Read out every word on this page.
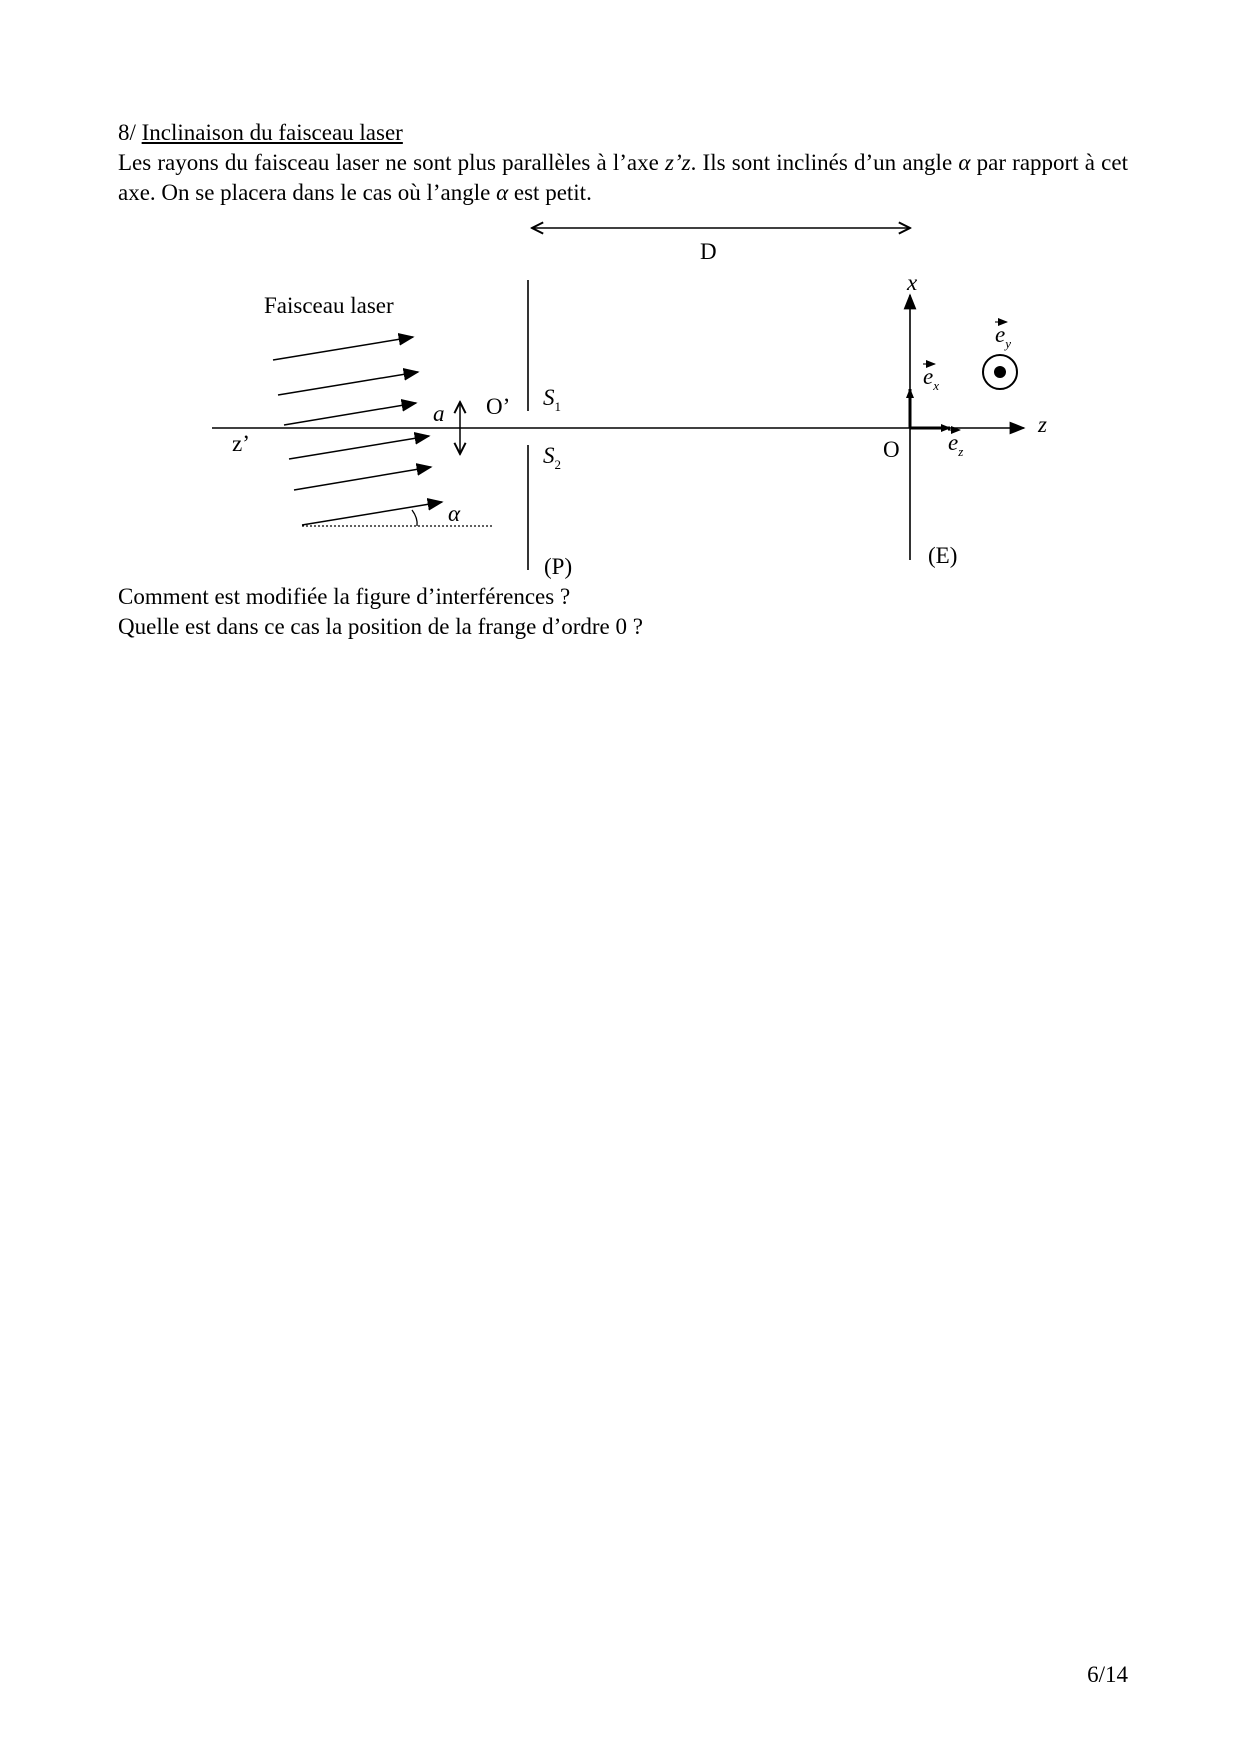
8/ Inclinaison du faisceau laser
Les rayons du faisceau laser ne sont plus parallèles à l’axe z’z. Ils sont inclinés d’un angle α par rapport à cet axe. On se placera dans le cas où l’angle α est petit.
D
Faisceau laser
α
z’
z
a O’ $S_1$
$S_2$
(P)
x
O
(E)
$e_x$
$e_z$
$e_y$
Comment est modifiée la figure d’interférences ?
Quelle est dans ce cas la position de la frange d’ordre 0 ?
6/14
